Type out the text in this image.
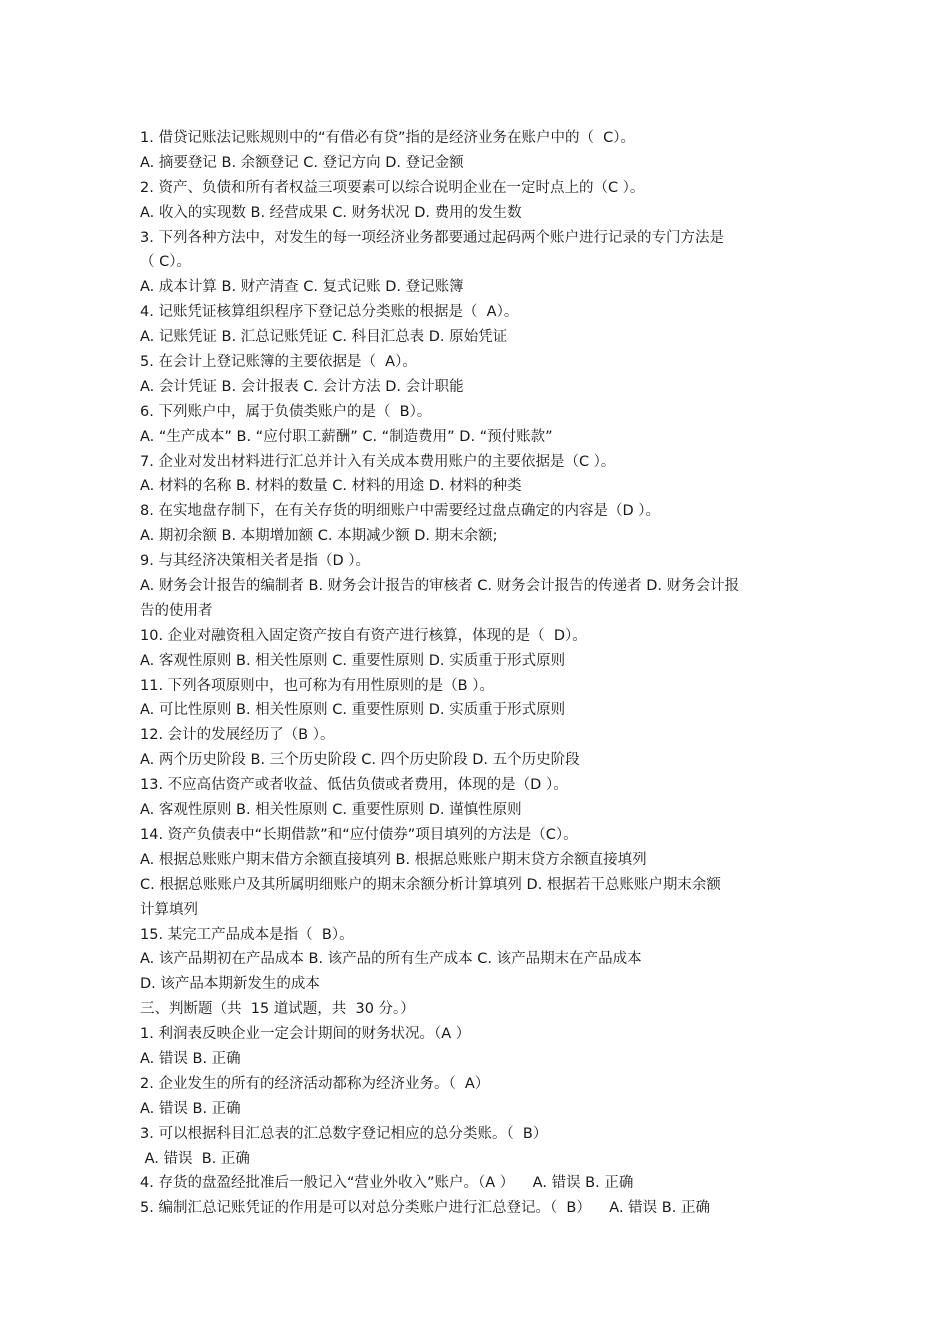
1. 借贷记账法记账规则中的“有借必有贷”指的是经济业务在账户中的（  C）。
A. 摘要登记 B. 余额登记 C. 登记方向 D. 登记金额
2. 资产、负债和所有者权益三项要素可以综合说明企业在一定时点上的（C ）。
A. 收入的实现数 B. 经营成果 C. 财务状况 D. 费用的发生数
3. 下列各种方法中，对发生的每一项经济业务都要通过起码两个账户进行记录的专门方法是
（ C）。
A. 成本计算 B. 财产清查 C. 复式记账 D. 登记账簿
4. 记账凭证核算组织程序下登记总分类账的根据是（  A）。
A. 记账凭证 B. 汇总记账凭证 C. 科目汇总表 D. 原始凭证
5. 在会计上登记账簿的主要依据是（  A）。
A. 会计凭证 B. 会计报表 C. 会计方法 D. 会计职能
6. 下列账户中，属于负债类账户的是（  B）。
A. “生产成本” B. “应付职工薪酬” C. “制造费用” D. “预付账款”
7. 企业对发出材料进行汇总并计入有关成本费用账户的主要依据是（C ）。
A. 材料的名称 B. 材料的数量 C. 材料的用途 D. 材料的种类
8. 在实地盘存制下，在有关存货的明细账户中需要经过盘点确定的内容是（D ）。
A. 期初余额 B. 本期增加额 C. 本期减少额 D. 期末余额;
9. 与其经济决策相关者是指（D ）。
A. 财务会计报告的编制者 B. 财务会计报告的审核者 C. 财务会计报告的传递者 D. 财务会计报
告的使用者
10. 企业对融资租入固定资产按自有资产进行核算，体现的是（  D）。
A. 客观性原则 B. 相关性原则 C. 重要性原则 D. 实质重于形式原则
11. 下列各项原则中，也可称为有用性原则的是（B ）。
A. 可比性原则 B. 相关性原则 C. 重要性原则 D. 实质重于形式原则
12. 会计的发展经历了（B ）。
A. 两个历史阶段 B. 三个历史阶段 C. 四个历史阶段 D. 五个历史阶段
13. 不应高估资产或者收益、低估负债或者费用，体现的是（D ）。
A. 客观性原则 B. 相关性原则 C. 重要性原则 D. 谨慎性原则
14. 资产负债表中“长期借款”和“应付债券”项目填列的方法是（C）。
A. 根据总账账户期末借方余额直接填列 B. 根据总账账户期末贷方余额直接填列
C. 根据总账账户及其所属明细账户的期末余额分析计算填列 D. 根据若干总账账户期末余额
计算填列
15. 某完工产品成本是指（  B）。
A. 该产品期初在产品成本 B. 该产品的所有生产成本 C. 该产品期末在产品成本
D. 该产品本期新发生的成本
三、判断题（共  15 道试题，共  30 分。）
1. 利润表反映企业一定会计期间的财务状况。（A ）
A. 错误 B. 正确
2. 企业发生的所有的经济活动都称为经济业务。（  A）
A. 错误 B. 正确
3. 可以根据科目汇总表的汇总数字登记相应的总分类账。（  B）
A. 错误  B. 正确
4. 存货的盘盈经批准后一般记入“营业外收入”账户。（A ）    A. 错误 B. 正确
5. 编制汇总记账凭证的作用是可以对总分类账户进行汇总登记。（  B）    A. 错误 B. 正确
